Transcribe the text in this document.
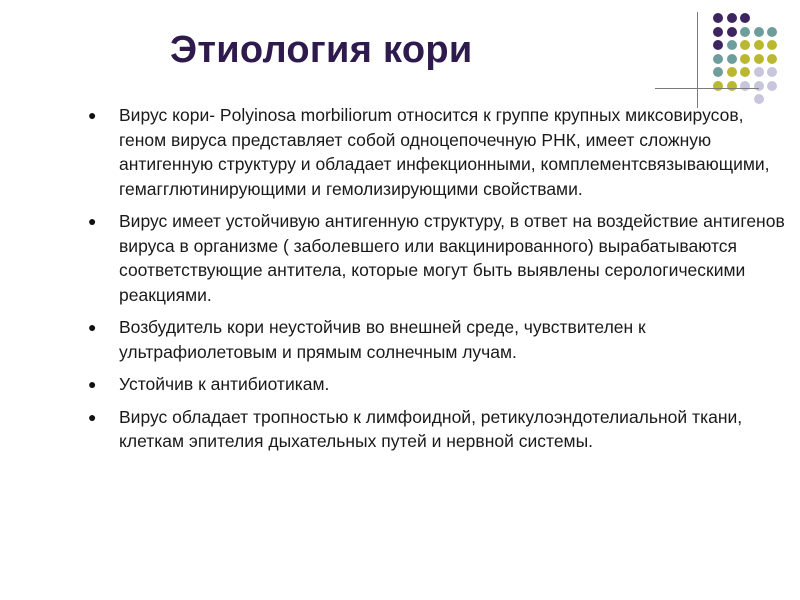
Этиология кори
● Вирус кори- Polyinosa morbiliorum относится к группе крупных миксовирусов, геном вируса представляет собой одноцепочечную РНК, имеет сложную антигенную структуру и обладает инфекционными, комплементсвязывающими, гемагглютинирующими и гемолизирующими свойствами.
● Вирус имеет устойчивую антигенную структуру, в ответ на воздействие антигенов вируса в организме ( заболевшего или вакцинированного) вырабатываются соответствующие антитела, которые могут быть выявлены серологическими реакциями.
● Возбудитель кори неустойчив во внешней среде, чувствителен к ультрафиолетовым и прямым солнечным лучам.
● Устойчив к антибиотикам.
● Вирус обладает тропностью к лимфоидной, ретикулоэндотелиальной ткани, клеткам эпителия дыхательных путей и нервной системы.
